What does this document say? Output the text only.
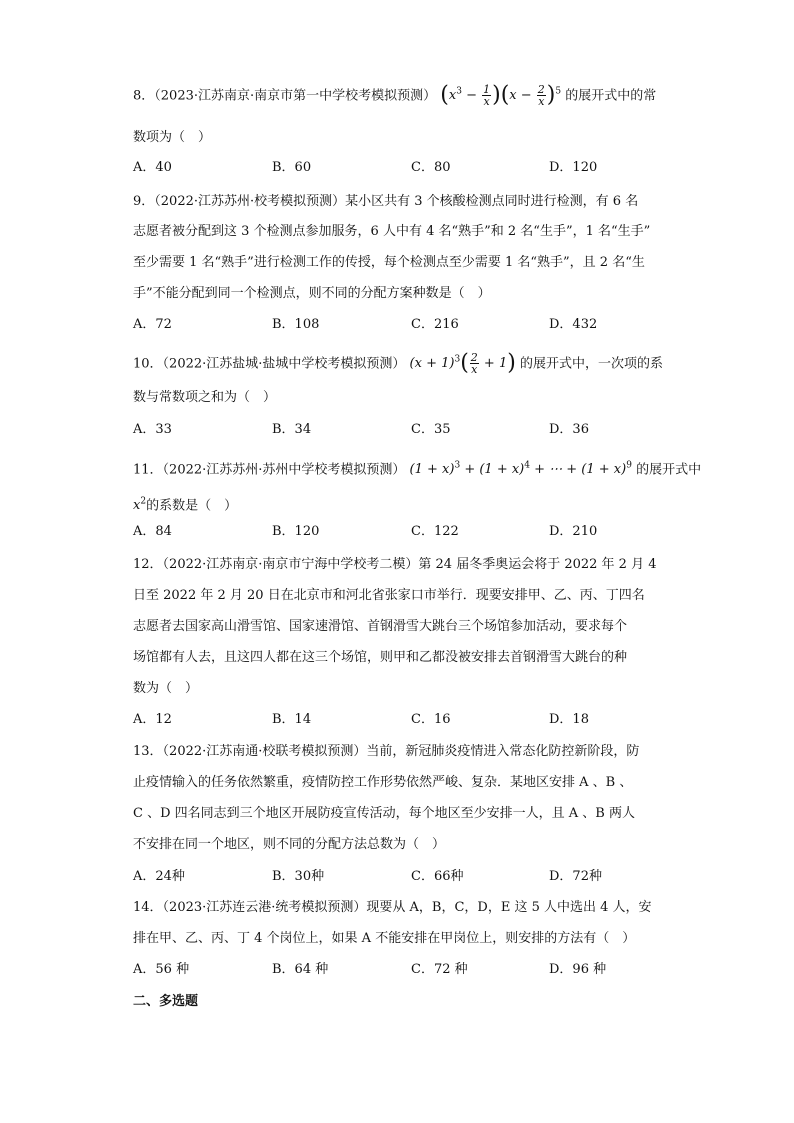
8．（2023·江苏南京·南京市第一中学校考模拟预测） $(x^3 - \frac{1}{x} )(x - \frac{2}{x} )^5$ 的展开式中的常
数项为（　）
A．40	B．60	C．80	D．120
9．（2022·江苏苏州·校考模拟预测）某小区共有 3 个核酸检测点同时进行检测，有 6 名
志愿者被分配到这 3 个检测点参加服务，6 人中有 4 名“熟手”和 2 名“生手”，1 名“生手”
至少需要 1 名“熟手”进行检测工作的传授，每个检测点至少需要 1 名“熟手”，且 2 名“生
手”不能分配到同一个检测点，则不同的分配方案种数是（　）
A．72	B．108	C．216	D．432
10．（2022·江苏盐城·盐城中学校考模拟预测） $(x + 1)^3( \frac{2}{x} + 1)$ 的展开式中，一次项的系
数与常数项之和为（　）
A．33	B．34	C．35	D．36
11．（2022·江苏苏州·苏州中学校考模拟预测） $(1 + x)^3 + (1 + x)^4$ + ⋯ + $(1 + x)^9$ 的展开式中
$x^2$的系数是（　）
A．84	B．120	C．122	D．210
12．（2022·江苏南京·南京市宁海中学校考二模）第 24 届冬季奥运会将于 2022 年 2 月 4
日至 2022 年 2 月 20 日在北京市和河北省张家口市举行．现要安排甲、乙、丙、丁四名
志愿者去国家高山滑雪馆、国家速滑馆、首钢滑雪大跳台三个场馆参加活动，要求每个
场馆都有人去，且这四人都在这三个场馆，则甲和乙都没被安排去首钢滑雪大跳台的种
数为（　）
A．12	B．14	C．16	D．18
13．（2022·江苏南通·校联考模拟预测）当前，新冠肺炎疫情进入常态化防控新阶段，防
止疫情输入的任务依然繁重，疫情防控工作形势依然严峻、复杂．某地区安排 A 、B 、
C 、D 四名同志到三个地区开展防疫宣传活动，每个地区至少安排一人，且 A 、B 两人
不安排在同一个地区，则不同的分配方法总数为（　）
A．24种	B．30种	C．66种	D．72种
14．（2023·江苏连云港·统考模拟预测）现要从 A，B，C，D，E 这 5 人中选出 4 人，安
排在甲、乙、丙、丁 4 个岗位上，如果 A 不能安排在甲岗位上，则安排的方法有（　）
A．56 种	B．64 种	C．72 种	D．96 种
二、多选题
